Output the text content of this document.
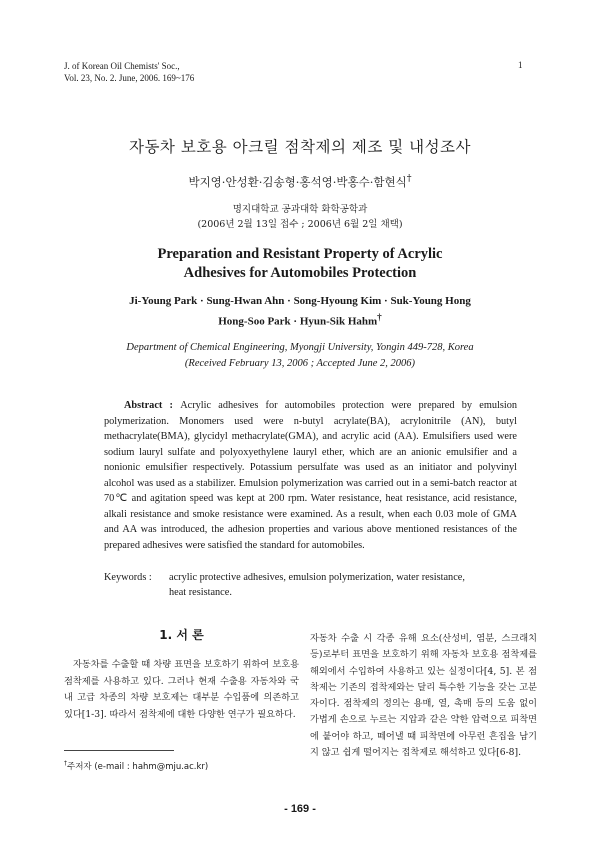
J. of Korean Oil Chemists' Soc.,
Vol. 23, No. 2. June, 2006. 169~176
1
자동차 보호용 아크릴 점착제의 제조 및 내성조사
박지영·안성환·김송형·홍석영·박홍수·함현식†
명지대학교 공과대학 화학공학과
(2006년 2월 13일 접수 ; 2006년 6월 2일 채택)
Preparation and Resistant Property of Acrylic
Adhesives for Automobiles Protection
Ji-Young Park · Sung-Hwan Ahn · Song-Hyoung Kim · Suk-Young Hong
Hong-Soo Park · Hyun-Sik Hahm†
Department of Chemical Engineering, Myongji University, Yongin 449-728, Korea
(Received February 13, 2006 ; Accepted June 2, 2006)
Abstract : Acrylic adhesives for automobiles protection were prepared by emulsion polymerization. Monomers used were n-butyl acrylate(BA), acrylonitrile (AN), butyl methacrylate(BMA), glycidyl methacrylate(GMA), and acrylic acid (AA). Emulsifiers used were sodium lauryl sulfate and polyoxyethylene lauryl ether, which are an anionic emulsifier and a nonionic emulsifier respectively. Potassium persulfate was used as an initiator and polyvinyl alcohol was used as a stabilizer. Emulsion polymerization was carried out in a semi-batch reactor at 70℃ and agitation speed was kept at 200 rpm. Water resistance, heat resistance, acid resistance, alkali resistance and smoke resistance were examined. As a result, when each 0.03 mole of GMA and AA was introduced, the adhesion properties and various above mentioned resistances of the prepared adhesives were satisfied the standard for automobiles.
Keywords : acrylic protective adhesives, emulsion polymerization, water resistance,
heat resistance.
1. 서 론

자동차를 수출할 때 차량 표면을 보호하기 위하여 보호용 점착제를 사용하고 있다. 그러나 현재 수출용 자동차와 국내 고급 차종의 차량 보호제는 대부분 수입품에 의존하고 있다[1-3]. 따라서 점착제에 대한 다양한 연구가 필요하다.

자동차 수출 시 각종 유해 요소(산성비, 염분, 스크래치 등)로부터 표면을 보호하기 위해 자동차 보호용 점착제를 해외에서 수입하여 사용하고 있는 실정이다[4, 5]. 본 점착제는 기존의 접착제와는 달리 특수한 기능을 갖는 고분자이다. 점착제의 정의는 용매, 열, 촉매 등의 도움 없이 가볍게 손으로 누르는 지압과 같은 약한 압력으로 피착면에 붙어야 하고, 떼어낼 때 피착면에 아무런 흔집을 남기지 않고 쉽게 떨어지는 접착제로 해석하고 있다[6-8].

†주저자 (e-mail : hahm@mju.ac.kr)
- 169 -
